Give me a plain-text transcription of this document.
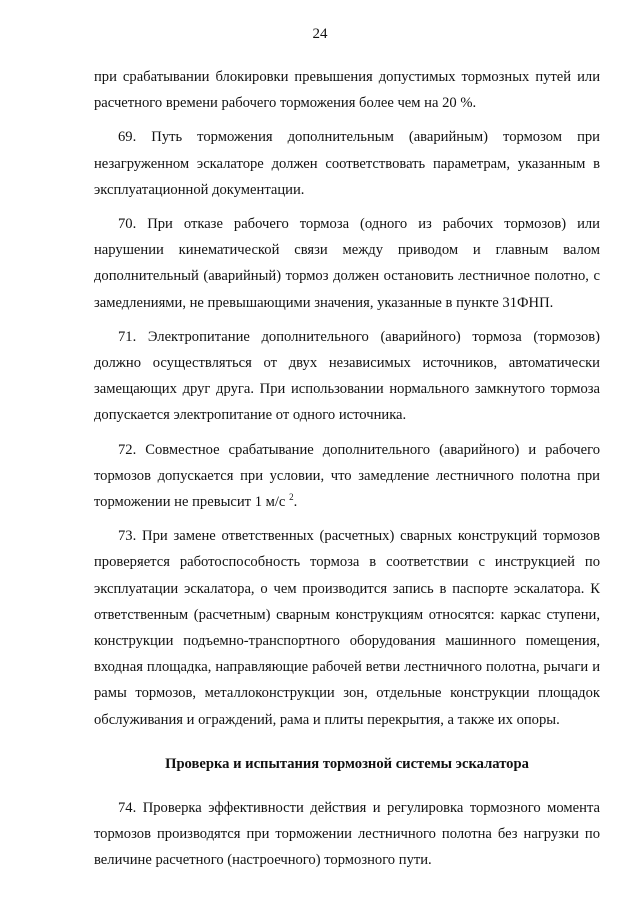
24

при срабатывании блокировки превышения допустимых тормозных путей или расчетного времени рабочего торможения более чем на 20 %.

69. Путь торможения дополнительным (аварийным) тормозом при незагруженном эскалаторе должен соответствовать параметрам, указанным в эксплуатационной документации.

70. При отказе рабочего тормоза (одного из рабочих тормозов) или нарушении кинематической связи между приводом и главным валом дополнительный (аварийный) тормоз должен остановить лестничное полотно, с замедлениями, не превышающими значения, указанные в пункте 31ФНП.

71. Электропитание дополнительного (аварийного) тормоза (тормозов) должно осуществляться от двух независимых источников, автоматически замещающих друг друга. При использовании нормального замкнутого тормоза допускается электропитание от одного источника.

72. Совместное срабатывание дополнительного (аварийного) и рабочего тормозов допускается при условии, что замедление лестничного полотна при торможении не превысит 1 м/с $^2$.

73. При замене ответственных (расчетных) сварных конструкций тормозов проверяется работоспособность тормоза в соответствии с инструкцией по эксплуатации эскалатора, о чем производится запись в паспорте эскалатора. К ответственным (расчетным) сварным конструкциям относятся: каркас ступени, конструкции подъемно-транспортного оборудования машинного помещения, входная площадка, направляющие рабочей ветви лестничного полотна, рычаги и рамы тормозов, металлоконструкции зон, отдельные конструкции площадок обслуживания и ограждений, рама и плиты перекрытия, а также их опоры.

Проверка и испытания тормозной системы эскалатора

74. Проверка эффективности действия и регулировка тормозного момента тормозов производятся при торможении лестничного полотна без нагрузки по величине расчетного (настроечного) тормозного пути.
